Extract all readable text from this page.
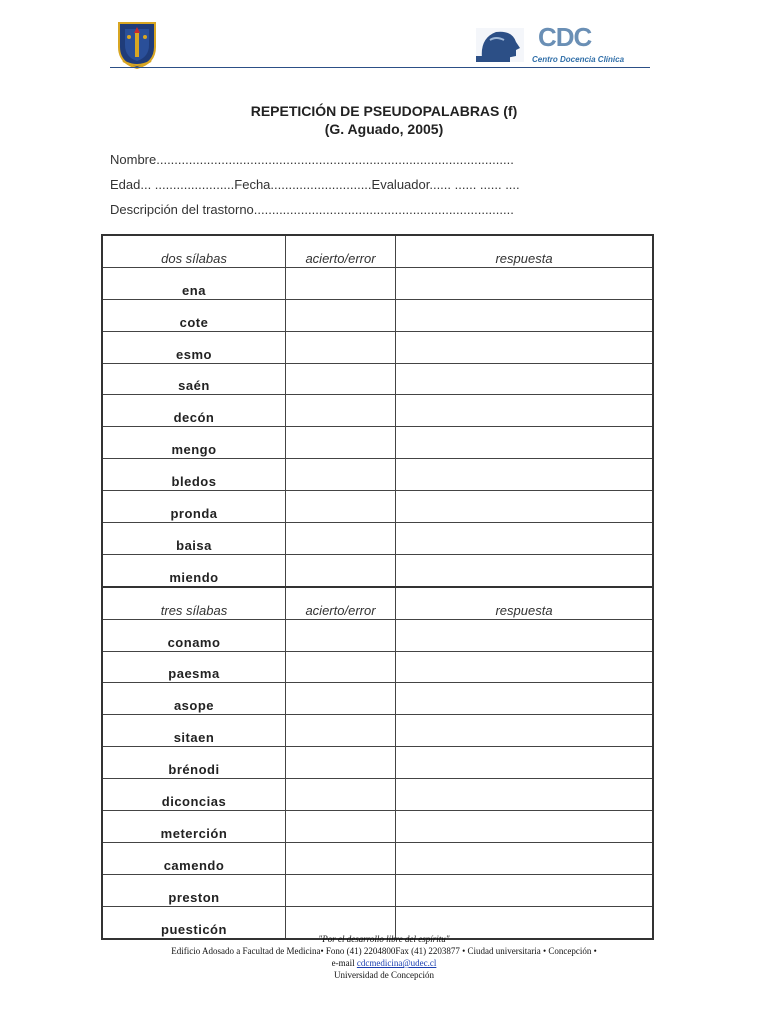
CDC
Centro Docencia Clínica
REPETICIÓN DE PSEUDOPALABRAS (f)
(G. Aguado, 2005)
Nombre...................................................................................................
Edad... ......................Fecha............................Evaluador...... ...... ...... ....
Descripción del trastorno........................................................................
dos sílabas	acierto/error	respuesta
ena		
cote		
esmo		
saén		
decón		
mengo		
bledos		
pronda		
baisa		
miendo		
tres sílabas	acierto/error	respuesta
conamo		
paesma		
asope		
sitaen		
brénodi		
diconcias		
meterción		
camendo		
preston		
puesticón		
"Por el desarrollo libre del espíritu"
Edificio Adosado a Facultad de Medicina• Fono (41) 2204800Fax (41) 2203877 • Ciudad universitaria • Concepción •
e-mail cdcmedicina@udec.cl
Universidad de Concepción
